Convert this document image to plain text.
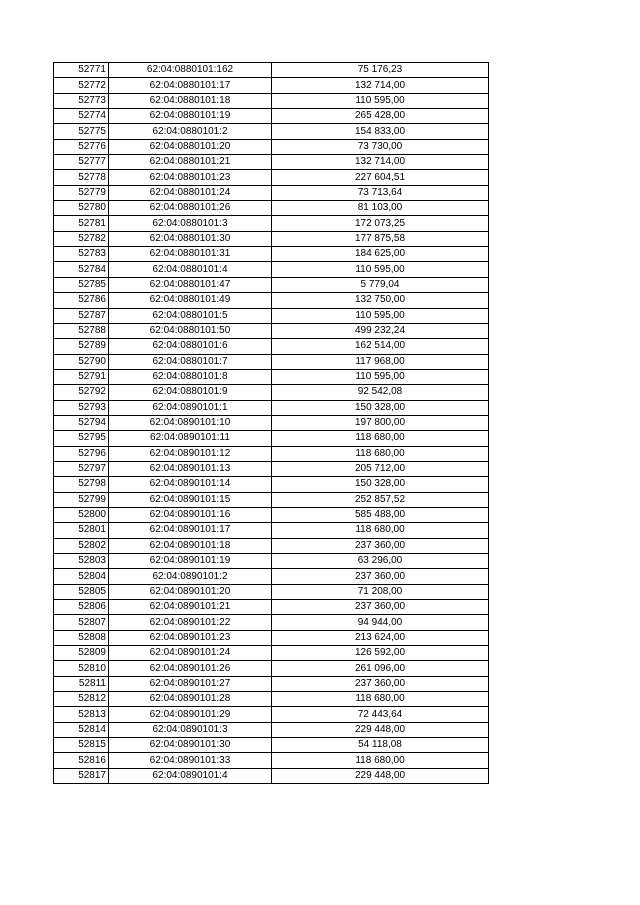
52771	62:04:0880101:162	75 176,23
52772	62:04:0880101:17	132 714,00
52773	62:04:0880101:18	110 595,00
52774	62:04:0880101:19	265 428,00
52775	62:04:0880101:2	154 833,00
52776	62:04:0880101:20	73 730,00
52777	62:04:0880101:21	132 714,00
52778	62:04:0880101:23	227 604,51
52779	62:04:0880101:24	73 713,64
52780	62:04:0880101:26	81 103,00
52781	62:04:0880101:3	172 073,25
52782	62:04:0880101:30	177 875,58
52783	62:04:0880101:31	184 625,00
52784	62:04:0880101:4	110 595,00
52785	62:04:0880101:47	5 779,04
52786	62:04:0880101:49	132 750,00
52787	62:04:0880101:5	110 595,00
52788	62:04:0880101:50	499 232,24
52789	62:04:0880101:6	162 514,00
52790	62:04:0880101:7	117 968,00
52791	62:04:0880101:8	110 595,00
52792	62:04:0880101:9	92 542,08
52793	62:04:0890101:1	150 328,00
52794	62:04:0890101:10	197 800,00
52795	62:04:0890101:11	118 680,00
52796	62:04:0890101:12	118 680,00
52797	62:04:0890101:13	205 712,00
52798	62:04:0890101:14	150 328,00
52799	62:04:0890101:15	252 857,52
52800	62:04:0890101:16	585 488,00
52801	62:04:0890101:17	118 680,00
52802	62:04:0890101:18	237 360,00
52803	62:04:0890101:19	63 296,00
52804	62:04:0890101:2	237 360,00
52805	62:04:0890101:20	71 208,00
52806	62:04:0890101:21	237 360,00
52807	62:04:0890101:22	94 944,00
52808	62:04:0890101:23	213 624,00
52809	62:04:0890101:24	126 592,00
52810	62:04:0890101:26	261 096,00
52811	62:04:0890101:27	237 360,00
52812	62:04:0890101:28	118 680,00
52813	62:04:0890101:29	72 443,64
52814	62:04:0890101:3	229 448,00
52815	62:04:0890101:30	54 118,08
52816	62:04:0890101:33	118 680,00
52817	62:04:0890101:4	229 448,00
